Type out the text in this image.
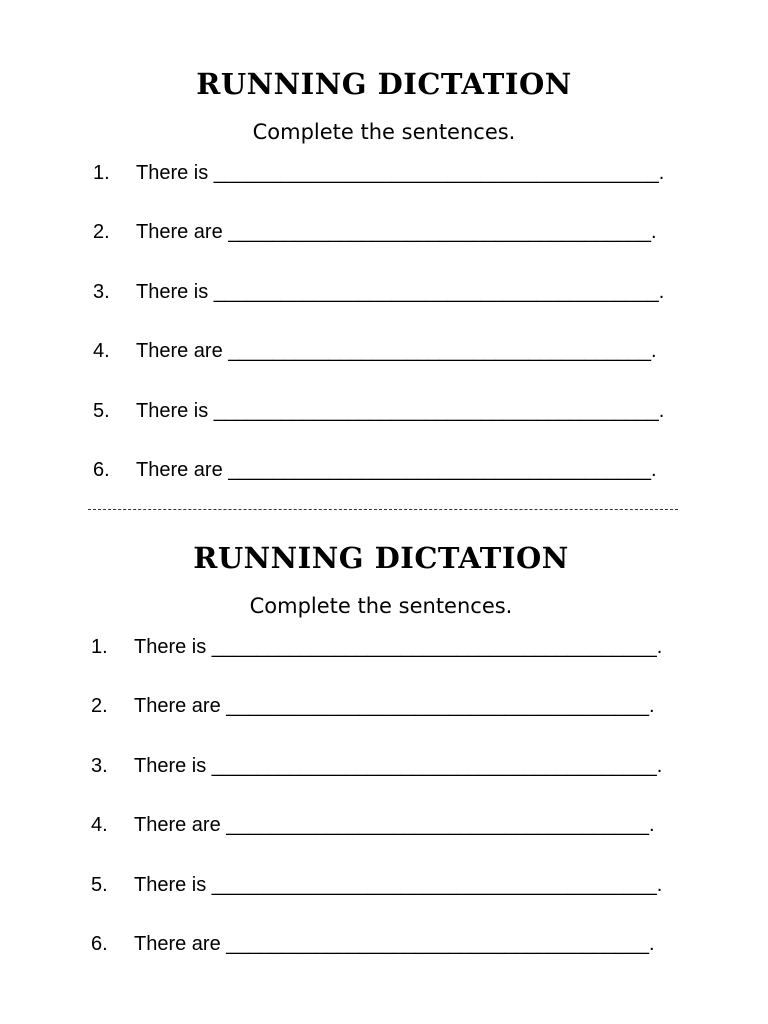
RUNNING DICTATION

Complete the sentences.

1. There is ________________________________________.
2. There are ______________________________________.
3. There is ________________________________________.
4. There are ______________________________________.
5. There is ________________________________________.
6. There are ______________________________________.
RUNNING DICTATION

Complete the sentences.

1. There is ________________________________________.
2. There are ______________________________________.
3. There is ________________________________________.
4. There are ______________________________________.
5. There is ________________________________________.
6. There are ______________________________________.
